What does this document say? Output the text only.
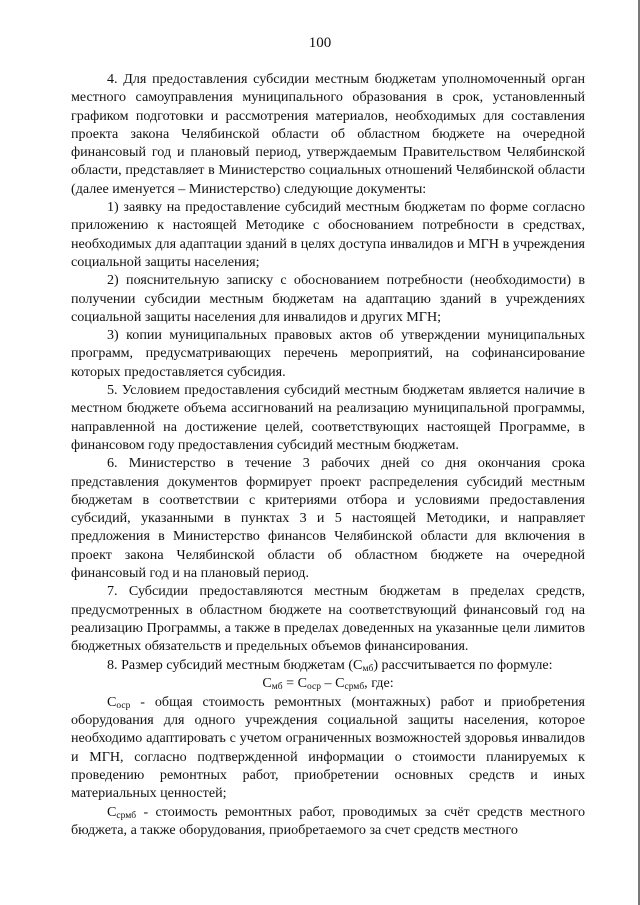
100

4. Для предоставления субсидии местным бюджетам уполномоченный орган местного самоуправления муниципального образования в срок, установленный графиком подготовки и рассмотрения материалов, необходимых для составления проекта закона Челябинской области об областном бюджете на очередной финансовый год и плановый период, утверждаемым Правительством Челябинской области, представляет в Министерство социальных отношений Челябинской области (далее именуется – Министерство) следующие документы:

1) заявку на предоставление субсидий местным бюджетам по форме согласно приложению к настоящей Методике с обоснованием потребности в средствах, необходимых для адаптации зданий в целях доступа инвалидов и МГН в учреждения социальной защиты населения;

2) пояснительную записку с обоснованием потребности (необходимости) в получении субсидии местным бюджетам на адаптацию зданий в учреждениях социальной защиты населения для инвалидов и других МГН;

3) копии муниципальных правовых актов об утверждении муниципальных программ, предусматривающих перечень мероприятий, на софинансирование которых предоставляется субсидия.

5. Условием предоставления субсидий местным бюджетам является наличие в местном бюджете объема ассигнований на реализацию муниципальной программы, направленной на достижение целей, соответствующих настоящей Программе, в финансовом году предоставления субсидий местным бюджетам.

6. Министерство в течение 3 рабочих дней со дня окончания срока представления документов формирует проект распределения субсидий местным бюджетам в соответствии с критериями отбора и условиями предоставления субсидий, указанными в пунктах 3 и 5 настоящей Методики, и направляет предложения в Министерство финансов Челябинской области для включения в проект закона Челябинской области об областном бюджете на очередной финансовый год и на плановый период.

7. Субсидии предоставляются местным бюджетам в пределах средств, предусмотренных в областном бюджете на соответствующий финансовый год на реализацию Программы, а также в пределах доведенных на указанные цели лимитов бюджетных обязательств и предельных объемов финансирования.

8. Размер субсидий местным бюджетам $(С_{мб})$ рассчитывается по формуле:

$С_{мб} = С_{оср} - С_{срмб}$, где:

$С_{оср}$ - общая стоимость ремонтных (монтажных) работ и приобретения оборудования для одного учреждения социальной защиты населения, которое необходимо адаптировать с учетом ограниченных возможностей здоровья инвалидов и МГН, согласно подтвержденной информации о стоимости планируемых к проведению ремонтных работ, приобретении основных средств и иных материальных ценностей;

$С_{срмб}$ - стоимость ремонтных работ, проводимых за счёт средств местного бюджета, а также оборудования, приобретаемого за счет средств местного
